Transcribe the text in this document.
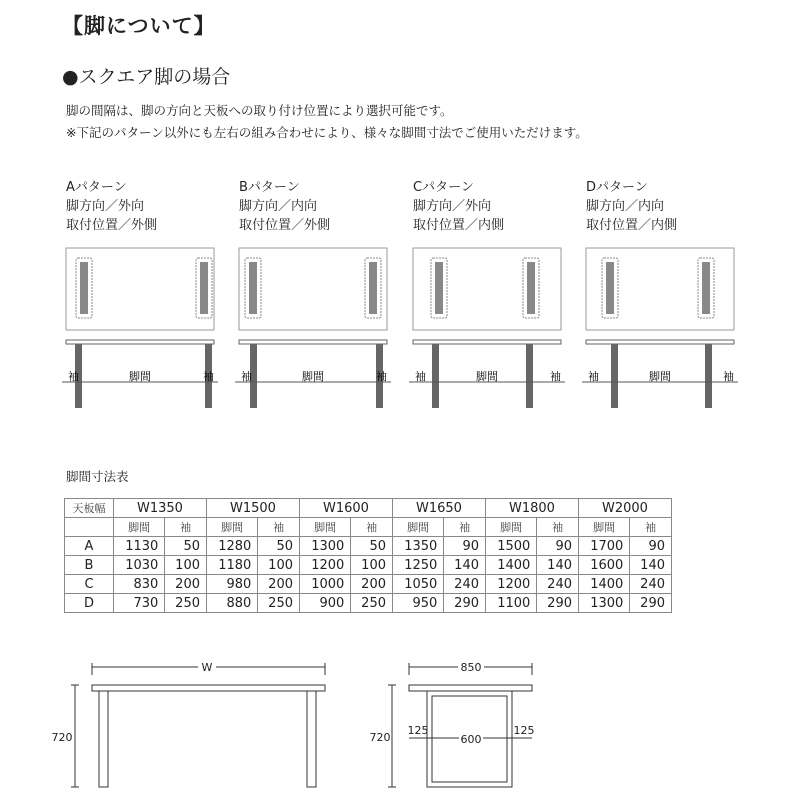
【脚について】
●スクエア脚の場合
脚の間隔は、脚の方向と天板への取り付け位置により選択可能です。
※下記のパターン以外にも左右の組み合わせにより、様々な脚間寸法でご使用いただけます。
Aパターン
脚方向／外向
取付位置／外側
Bパターン
脚方向／内向
取付位置／外側
Cパターン
脚方向／外向
取付位置／内側
Dパターン
脚方向／内向
取付位置／内側
袖	脚間	袖 袖	脚間	袖	袖	脚間	袖 袖	脚間	袖
脚間寸法表
天板幅	W1350		W1500		W1600		W1650		W1800		W2000	
	脚間	袖	脚間	袖	脚間	袖	脚間	袖	脚間	袖	脚間	袖
A	1130	50	1280	50	1300	50	1350	90	1500	90	1700	90
B	1030	100	1180	100	1200	100	1250	140	1400	140	1600	140
C	830	200	980	200	1000	200	1050	240	1200	240	1400	240
D	730	250	880	250	900	250	950	290	1100	290	1300	290
W
720
850
720
125
600
125
